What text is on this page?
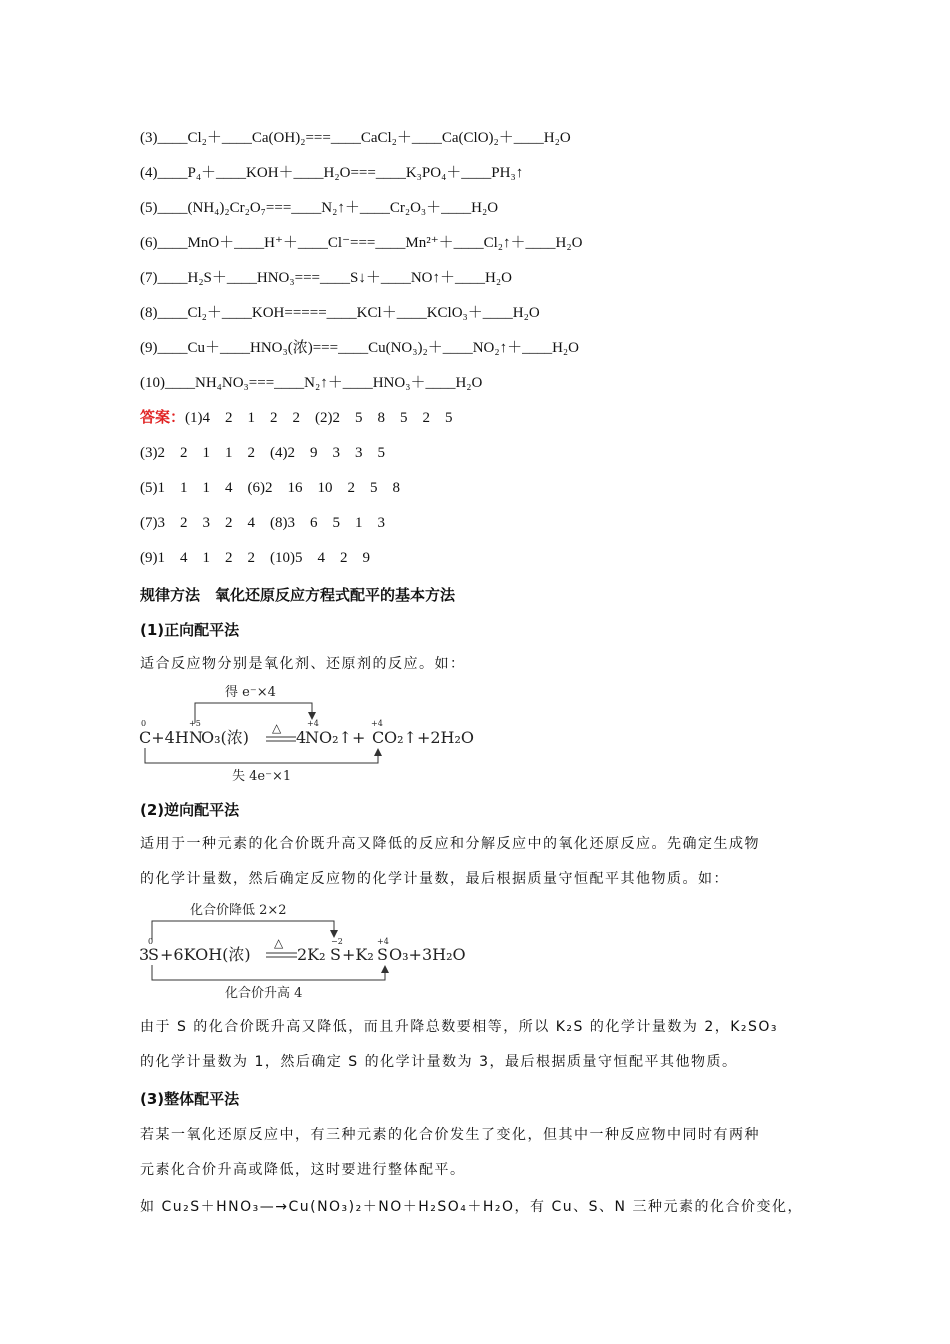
(3)____Cl₂＋____Ca(OH)₂===____CaCl₂＋____Ca(ClO)₂＋____H₂O
(4)____P₄＋____KOH＋____H₂O===____K₃PO₄＋____PH₃↑
(5)____(NH₄)₂Cr₂O₇===____N₂↑＋____Cr₂O₃＋____H₂O
(6)____MnO＋____H⁺＋____Cl⁻===____Mn²⁺＋____Cl₂↑＋____H₂O
(7)____H₂S＋____HNO₃===____S↓＋____NO↑＋____H₂O
(8)____Cl₂＋____KOH=====____KCl＋____KClO₃＋____H₂O
(9)____Cu＋____HNO₃(浓)===____Cu(NO₃)₂＋____NO₂↑＋____H₂O
(10)____NH₄NO₃===____N₂↑＋____HNO₃＋____H₂O
答案：(1)4　2　1　2　2　(2)2　5　8　5　2　5
(3)2　2　1　1　2　(4)2　9　3　3　5
(5)1　1　1　4　(6)2　16　10　2　5　8
(7)3　2　3　2　4　(8)3　6　5　1　3
(9)1　4　1　2　2　(10)5　4　2　9
规律方法　氧化还原反应方程式配平的基本方法
(1)正向配平法
适合反应物分别是氧化剂、还原剂的反应。如：
得 e⁻×4
0	+5	+4	+4
△
C+4H N
O₃(浓)	4
NO₂↑+ C O₂↑+2H₂O
失 4e⁻×1
(2)逆向配平法
适用于一种元素的化合价既升高又降低的反应和分解反应中的氧化还原反应。先确定生成物
的化学计量数，然后确定反应物的化学计量数，最后根据质量守恒配平其他物质。如：
化合价降低 2×2
0	−2	+4
△
3
S +6KOH(浓)	2K₂ S +K₂ S O₃+3H₂O
化合价升高 4
由于 S 的化合价既升高又降低，而且升降总数要相等，所以 K₂S 的化学计量数为 2，K₂SO₃
的化学计量数为 1，然后确定 S 的化学计量数为 3，最后根据质量守恒配平其他物质。
(3)整体配平法
若某一氧化还原反应中，有三种元素的化合价发生了变化，但其中一种反应物中同时有两种
元素化合价升高或降低，这时要进行整体配平。
如 Cu₂S＋HNO₃—→Cu(NO₃)₂＋NO＋H₂SO₄＋H₂O，有 Cu、S、N 三种元素的化合价变化，
